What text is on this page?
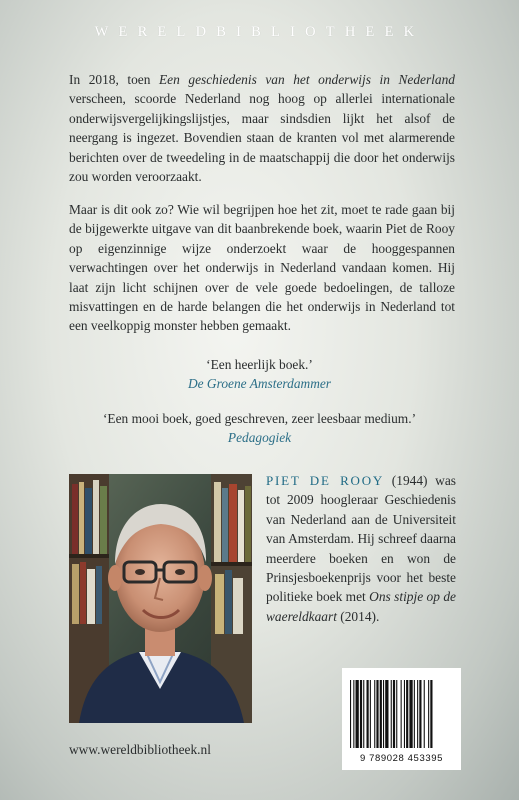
WERELDBIBLIOTHEEK

In 2018, toen Een geschiedenis van het onderwijs in Nederland verscheen, scoorde Nederland nog hoog op allerlei internationale onderwijsvergelijkingslijstjes, maar sindsdien lijkt het alsof de neergang is ingezet. Bovendien staan de kranten vol met alarmerende berichten over de tweedeling in de maatschappij die door het onderwijs zou worden veroorzaakt.

Maar is dit ook zo? Wie wil begrijpen hoe het zit, moet te rade gaan bij de bijgewerkte uitgave van dit baanbrekende boek, waarin Piet de Rooy op eigenzinnige wijze onderzoekt waar de hooggespannen verwachtingen over het onderwijs in Nederland vandaan komen. Hij laat zijn licht schijnen over de vele goede bedoelingen, de talloze misvattingen en de harde belangen die het onderwijs in Nederland tot een veelkoppig monster hebben gemaakt.

‘Een heerlijk boek.’
De Groene Amsterdammer
‘Een mooi boek, goed geschreven, zeer leesbaar medium.’
Pedagogiek

PIET DE ROOY (1944) was tot 2009 hoogleraar Geschiedenis van Nederland aan de Universiteit van Amsterdam. Hij schreef daarna meerdere boeken en won de Prinsjesboekenprijs voor het beste politieke boek met Ons stipje op de waereldkaart (2014).

9 789028 453395
www.wereldbibliotheek.nl
